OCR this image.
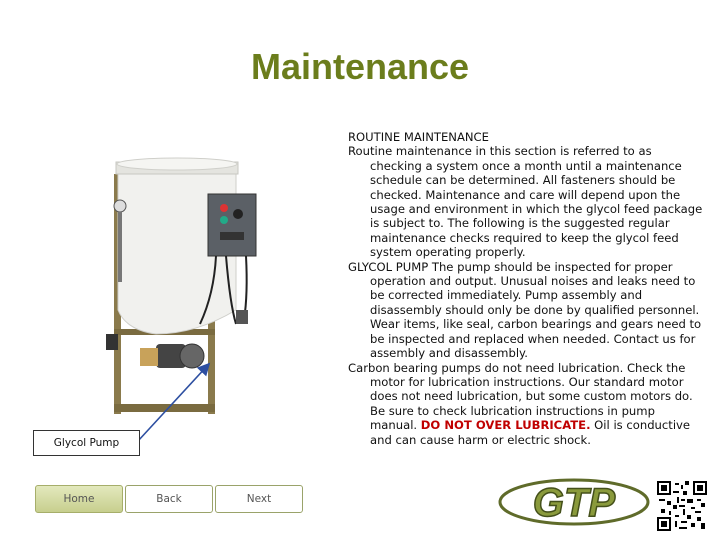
Maintenance
Glycol Pump

ROUTINE MAINTENANCE

Routine maintenance in this section is referred to as checking a system once a month until a maintenance schedule can be determined. All fasteners should be checked. Maintenance and care will depend upon the usage and environment in which the glycol feed package is subject to. The following is the suggested regular maintenance checks required to keep the glycol feed system operating properly.

GLYCOL PUMP The pump should be inspected for proper operation and output. Unusual noises and leaks need to be corrected immediately. Pump assembly and disassembly should only be done by qualified personnel. Wear items, like seal, carbon bearings and gears need to be inspected and replaced when needed. Contact us for assembly and disassembly.

Carbon bearing pumps do not need lubrication. Check the motor for lubrication instructions. Our standard motor does not need lubrication, but some custom motors do. Be sure to check lubrication instructions in pump manual. DO NOT OVER LUBRICATE. Oil is conductive and can cause harm or electric shock.

Home	Back	Next	GTP
